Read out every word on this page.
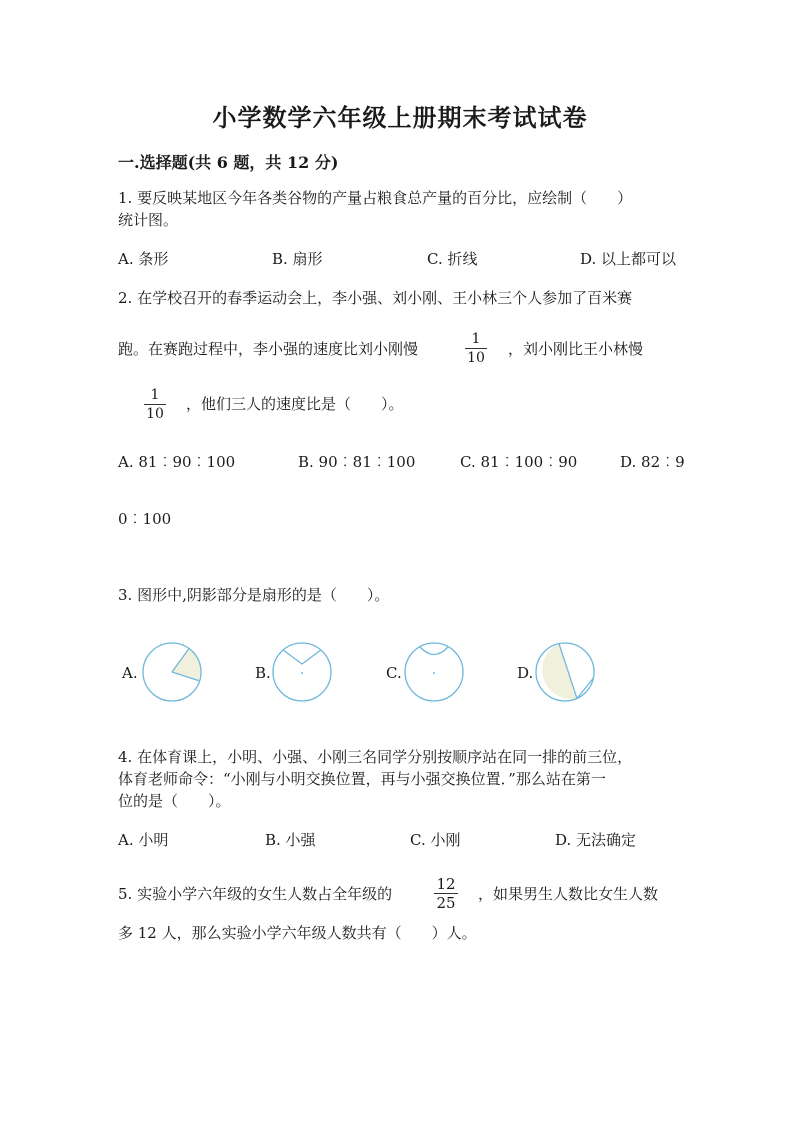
小学数学六年级上册期末考试试卷
一.选择题(共 6 题，共 12 分)
1. 要反映某地区今年各类谷物的产量占粮食总产量的百分比，应绘制（　　）
统计图。
A. 条形	B. 扇形	C. 折线	D. 以上都可以
2. 在学校召开的春季运动会上，李小强、刘小刚、王小林三个人参加了百米赛
跑。在赛跑过程中，李小强的速度比刘小刚慢
1
10 ，刘小刚比王小林慢
1
10
，他们三人的速度比是（　　）。
A. 81︰90︰100	B. 90︰81︰100	C. 81︰100︰90	D. 82︰9
0︰100
3. 图形中,阴影部分是扇形的是（　　）。
A.	B.	C.	D.
4. 在体育课上，小明、小强、小刚三名同学分别按顺序站在同一排的前三位，
体育老师命令：“小刚与小明交换位置，再与小强交换位置．”那么站在第一
位的是（　　）。
A. 小明	B. 小强	C. 小刚	D. 无法确定
5. 实验小学六年级的女生人数占全年级的
12
25 ，如果男生人数比女生人数
多 12 人，那么实验小学六年级人数共有（　　）人。
